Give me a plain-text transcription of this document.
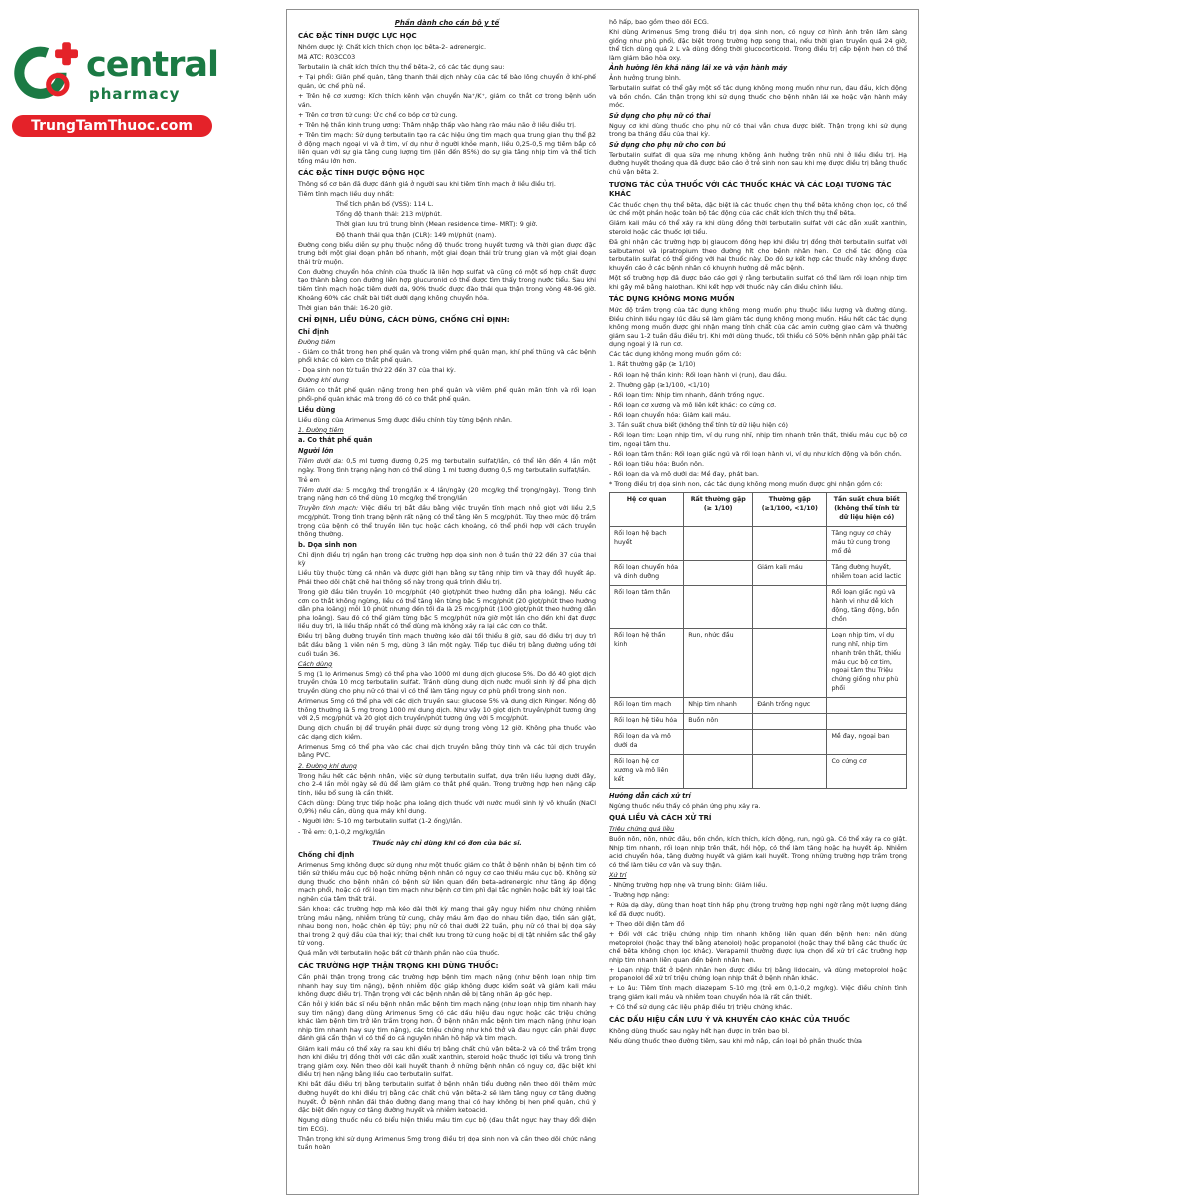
central
pharmacy
TrungTamThuoc.com
Phần dành cho cán bộ y tế
CÁC ĐẶC TÍNH DƯỢC LỰC HỌC
Nhóm dược lý: Chất kích thích chọn lọc bêta-2- adrenergic.
Mã ATC: R03CC03
Terbutalin là chất kích thích thụ thể bêta-2, có các tác dụng sau:
+ Tại phổi: Giãn phế quản, tăng thanh thải dịch nhày của các tế bào lông chuyển ở khí-phế quản, ức chế phù nề.
+ Trên hệ cơ xương: Kích thích kênh vận chuyển Na⁺/K⁺, giảm co thắt cơ trong bệnh uốn ván.
+ Trên cơ trơn tử cung: Ức chế co bóp cơ tử cung.
+ Trên hệ thần kinh trung ương: Thâm nhập thấp vào hàng rào máu não ở liều điều trị.
+ Trên tim mạch: Sử dụng terbutalin tạo ra các hiệu ứng tim mạch qua trung gian thụ thể β2 ở động mạch ngoại vi và ở tim, ví dụ như ở người khỏe mạnh, liều 0,25-0,5 mg tiêm bắp có liên quan với sự gia tăng cung lượng tim (lên đến 85%) do sự gia tăng nhịp tim và thể tích tổng máu lớn hơn.
CÁC ĐẶC TÍNH DƯỢC ĐỘNG HỌC
Thông số cơ bản đã được đánh giá ở người sau khi tiêm tĩnh mạch ở liều điều trị.
Tiêm tĩnh mạch liều duy nhất:
Thể tích phân bố (VSS): 114 L.
Tổng độ thanh thải: 213 ml/phút.
Thời gian lưu trú trung bình (Mean residence time- MRT): 9 giờ.
Độ thanh thải qua thận (CLR): 149 ml/phút (nam).
Đường cong biểu diễn sự phụ thuộc nồng độ thuốc trong huyết tương và thời gian được đặc trưng bởi một giai đoạn phân bố nhanh, một giai đoạn thải trừ trung gian và một giai đoạn thải trừ muộn.
Con đường chuyển hóa chính của thuốc là liên hợp sulfat và cũng có một số hợp chất được tạo thành bằng con đường liên hợp glucuronid có thể được tìm thấy trong nước tiểu. Sau khi tiêm tĩnh mạch hoặc tiêm dưới da, 90% thuốc được đào thải qua thận trong vòng 48-96 giờ. Khoảng 60% các chất bài tiết dưới dạng không chuyển hóa.
Thời gian bán thải: 16-20 giờ.
CHỈ ĐỊNH, LIỀU DÙNG, CÁCH DÙNG, CHỐNG CHỈ ĐỊNH:
Chỉ định
Đường tiêm
- Giảm co thắt trong hen phế quản và trong viêm phế quản mạn, khí phế thũng và các bệnh phổi khác có kèm co thắt phế quản.
- Dọa sinh non từ tuần thứ 22 đến 37 của thai kỳ.
Đường khí dung
Giảm co thắt phế quản nặng trong hen phế quản và viêm phế quản mãn tính và rối loạn phổi-phế quản khác mà trong đó có co thắt phế quản.
Liều dùng
Liều dùng của Arimenus 5mg được điều chỉnh tùy từng bệnh nhân.
1. Đường tiêm
a. Co thắt phế quản
Người lớn
Tiêm dưới da: 0,5 ml tương đương 0,25 mg terbutalin sulfat/lần, có thể lên đến 4 lần một ngày. Trong tình trạng nặng hơn có thể dùng 1 ml tương đương 0,5 mg terbutalin sulfat/lần.
Trẻ em
Tiêm dưới da: 5 mcg/kg thể trọng/lần x 4 lần/ngày (20 mcg/kg thể trọng/ngày). Trong tình trạng nặng hơn có thể dùng 10 mcg/kg thể trọng/lần
Truyền tĩnh mạch: Việc điều trị bắt đầu bằng việc truyền tĩnh mạch nhỏ giọt với liều 2,5 mcg/phút. Trong tình trạng bệnh rất nặng có thể tăng lên 5 mcg/phút. Tùy theo mức độ trầm trọng của bệnh có thể truyền liên tục hoặc cách khoảng, có thể phối hợp với cách truyền thông thường.
b. Dọa sinh non
Chỉ định điều trị ngắn hạn trong các trường hợp dọa sinh non ở tuần thứ 22 đến 37 của thai kỳ
Liều tùy thuộc từng cá nhân và được giới hạn bằng sự tăng nhịp tim và thay đổi huyết áp. Phải theo dõi chặt chẽ hai thông số này trong quá trình điều trị.
Trong giờ đầu tiên truyền 10 mcg/phút (40 giọt/phút theo hướng dẫn pha loãng). Nếu các cơn co thắt không ngừng, liều có thể tăng lên từng bậc 5 mcg/phút (20 giọt/phút theo hướng dẫn pha loãng) mỗi 10 phút nhưng đến tối đa là 25 mcg/phút (100 giọt/phút theo hướng dẫn pha loãng). Sau đó có thể giảm từng bậc 5 mcg/phút nửa giờ một lần cho đến khi đạt được liều duy trì, là liều thấp nhất có thể dùng mà không xảy ra lại các cơn co thắt.
Điều trị bằng đường truyền tĩnh mạch thường kéo dài tối thiểu 8 giờ, sau đó điều trị duy trì bắt đầu bằng 1 viên nén 5 mg, dùng 3 lần một ngày. Tiếp tục điều trị bằng đường uống tới cuối tuần 36.
Cách dùng
5 mg (1 lọ Arimenus 5mg) có thể pha vào 1000 ml dung dịch glucose 5%. Do đó 40 giọt dịch truyền chứa 10 mcg terbutalin sulfat. Tránh dùng dung dịch nước muối sinh lý để pha dịch truyền dùng cho phụ nữ có thai vì có thể làm tăng nguy cơ phù phổi trong sinh non.
Arimenus 5mg có thể pha với các dịch truyền sau: glucose 5% và dung dịch Ringer. Nồng độ thông thường là 5 mg trong 1000 ml dung dịch. Như vậy 10 giọt dịch truyền/phút tương ứng với 2,5 mcg/phút và 20 giọt dịch truyền/phút tương ứng với 5 mcg/phút.
Dung dịch chuẩn bị để truyền phải được sử dụng trong vòng 12 giờ. Không pha thuốc vào các dạng dịch kiềm.
Arimenus 5mg có thể pha vào các chai dịch truyền bằng thủy tinh và các túi dịch truyền bằng PVC.
2. Đường khí dung
Trong hầu hết các bệnh nhân, việc sử dụng terbutalin sulfat, dựa trên liều lượng dưới đây, cho 2-4 lần mỗi ngày sẽ đủ để làm giảm co thắt phế quản. Trong trường hợp hen nặng cấp tính, liều bổ sung là cần thiết.
Cách dùng: Dùng trực tiếp hoặc pha loãng dịch thuốc với nước muối sinh lý vô khuẩn (NaCl 0,9%) nếu cần, dùng qua máy khí dung.
- Người lớn: 5-10 mg terbutalin sulfat (1-2 ống)/lần.
- Trẻ em: 0,1-0,2 mg/kg/lần
Thuốc này chỉ dùng khi có đơn của bác sĩ.
Chống chỉ định
Arimenus 5mg không được sử dụng như một thuốc giảm co thắt ở bệnh nhân bị bệnh tim có tiền sử thiếu máu cục bộ hoặc những bệnh nhân có nguy cơ cao thiếu máu cục bộ. Không sử dụng thuốc cho bệnh nhân có bệnh sử liên quan đến beta-adrenergic như tăng áp động mạch phổi, hoặc có rối loạn tim mạch như bệnh cơ tim phì đại tắc nghẽn hoặc bất kỳ loại tắc nghẽn của tâm thất trái.
Sản khoa: các trường hợp mà kéo dài thời kỳ mang thai gây nguy hiểm như chứng nhiễm trùng máu nặng, nhiễm trùng tử cung, chảy máu âm đạo do nhau tiền đạo, tiền sản giật, nhau bong non, hoặc chèn ép tủy; phụ nữ có thai dưới 22 tuần, phụ nữ có thai bị dọa sảy thai trong 2 quý đầu của thai kỳ; thai chết lưu trong tử cung hoặc bị dị tật nhiễm sắc thể gây tử vong.
Quá mẫn với terbutalin hoặc bất cứ thành phần nào của thuốc.
CÁC TRƯỜNG HỢP THẬN TRỌNG KHI DÙNG THUỐC:
Cần phải thận trọng trong các trường hợp bệnh tim mạch nặng (như bệnh loạn nhịp tim nhanh hay suy tim nặng), bệnh nhiễm độc giáp không được kiểm soát và giảm kali máu không được điều trị. Thận trọng với các bệnh nhân dễ bị tăng nhãn áp góc hẹp.
Cần hỏi ý kiến bác sĩ nếu bệnh nhân mắc bệnh tim mạch nặng (như loạn nhịp tim nhanh hay suy tim nặng) đang dùng Arimenus 5mg có các dấu hiệu đau ngực hoặc các triệu chứng khác làm bệnh tim trở lên trầm trọng hơn. Ở bệnh nhân mắc bệnh tim mạch nặng (như loạn nhịp tim nhanh hay suy tim nặng), các triệu chứng như khó thở và đau ngực cần phải được đánh giá cẩn thận vì có thể do cả nguyên nhân hô hấp và tim mạch.
Giảm kali máu có thể xảy ra sau khi điều trị bằng chất chủ vận bêta-2 và có thể trầm trọng hơn khi điều trị đồng thời với các dẫn xuất xanthin, steroid hoặc thuốc lợi tiểu và trong tình trạng giảm oxy. Nên theo dõi kali huyết thanh ở những bệnh nhân có nguy cơ, đặc biệt khi điều trị hen nặng bằng liều cao terbutalin sulfat.
Khi bắt đầu điều trị bằng terbutalin sulfat ở bệnh nhân tiểu đường nên theo dõi thêm mức đường huyết do khi điều trị bằng các chất chủ vận bêta-2 sẽ làm tăng nguy cơ tăng đường huyết. Ở bệnh nhân đái tháo đường đang mang thai có hay không bị hen phế quản, chú ý đặc biệt đến nguy cơ tăng đường huyết và nhiễm ketoacid.
Ngưng dùng thuốc nếu có biểu hiện thiếu máu tim cục bộ (đau thắt ngực hay thay đổi điện tim ECG).
Thận trọng khi sử dụng Arimenus 5mg trong điều trị dọa sinh non và cần theo dõi chức năng tuần hoàn
hô hấp, bao gồm theo dõi ECG.
Khi dùng Arimenus 5mg trong điều trị dọa sinh non, có nguy cơ hình ảnh trên lâm sàng giống như phù phổi, đặc biệt trong trường hợp song thai, nếu thời gian truyền quá 24 giờ, thể tích dùng quá 2 L và dùng đồng thời glucocorticoid. Trong điều trị cấp bệnh hen có thể làm giảm bão hòa oxy.
Ảnh hưởng lên khả năng lái xe và vận hành máy
Ảnh hưởng trung bình.
Terbutalin sulfat có thể gây một số tác dụng không mong muốn như run, đau đầu, kích động và bồn chồn. Cần thận trọng khi sử dụng thuốc cho bệnh nhân lái xe hoặc vận hành máy móc.
Sử dụng cho phụ nữ có thai
Nguy cơ khi dùng thuốc cho phụ nữ có thai vẫn chưa được biết. Thận trọng khi sử dụng trong ba tháng đầu của thai kỳ.
Sử dụng cho phụ nữ cho con bú
Terbutalin sulfat đi qua sữa mẹ nhưng không ảnh hưởng trên nhũ nhi ở liều điều trị. Hạ đường huyết thoáng qua đã được báo cáo ở trẻ sinh non sau khi mẹ được điều trị bằng thuốc chủ vận bêta 2.
TƯƠNG TÁC CỦA THUỐC VỚI CÁC THUỐC KHÁC VÀ CÁC LOẠI TƯƠNG TÁC KHÁC
Các thuốc chẹn thụ thể bêta, đặc biệt là các thuốc chẹn thụ thể bêta không chọn lọc, có thể ức chế một phần hoặc toàn bộ tác động của các chất kích thích thụ thể bêta.
Giảm kali máu có thể xảy ra khi dùng đồng thời terbutalin sulfat với các dẫn xuất xanthin, steroid hoặc các thuốc lợi tiểu.
Đã ghi nhận các trường hợp bị glaucom đóng hẹp khi điều trị đồng thời terbutalin sulfat với salbutamol và ipratropium theo đường hít cho bệnh nhân hen. Cơ chế tác động của terbutalin sulfat có thể giống với hai thuốc này. Do đó sự kết hợp các thuốc này không được khuyến cáo ở các bệnh nhân có khuynh hướng dễ mắc bệnh.
Một số trường hợp đã được báo cáo gợi ý rằng terbutalin sulfat có thể làm rối loạn nhịp tim khi gây mê bằng halothan. Khi kết hợp với thuốc này cần điều chỉnh liều.
TÁC DỤNG KHÔNG MONG MUỐN
Mức độ trầm trọng của tác dụng không mong muốn phụ thuộc liều lượng và đường dùng. Điều chỉnh liều ngay lúc đầu sẽ làm giảm tác dụng không mong muốn. Hầu hết các tác dụng không mong muốn được ghi nhận mang tính chất của các amin cường giao cảm và thường giảm sau 1-2 tuần đầu điều trị. Khi mới dùng thuốc, tối thiểu có 50% bệnh nhân gặp phải tác dụng ngoại ý là run cơ.
Các tác dụng không mong muốn gồm có:
1. Rất thường gặp (≥ 1/10)
- Rối loạn hệ thần kinh: Rối loạn hành vi (run), đau đầu.
2. Thường gặp (≥1/100, <1/10)
- Rối loạn tim: Nhịp tim nhanh, đánh trống ngực.
- Rối loạn cơ xương và mô liên kết khác: co cứng cơ.
- Rối loạn chuyển hóa: Giảm kali máu.
3. Tần suất chưa biết (không thể tính từ dữ liệu hiện có)
- Rối loạn tim: Loạn nhịp tim, ví dụ rung nhĩ, nhịp tim nhanh trên thất, thiếu máu cục bộ cơ tim, ngoại tâm thu.
- Rối loạn tâm thần: Rối loạn giấc ngủ và rối loạn hành vi, ví dụ như kích động và bồn chồn.
- Rối loạn tiêu hóa: Buồn nôn.
- Rối loạn da và mô dưới da: Mề đay, phát ban.
* Trong điều trị dọa sinh non, các tác dụng không mong muốn được ghi nhận gồm có:
Hệ cơ quan	Rất thường gặp (≥ 1/10)	Thường gặp (≥1/100, <1/10)	Tần suất chưa biết (không thể tính từ dữ liệu hiện có)
Rối loạn hệ bạch huyết			Tăng nguy cơ chảy máu tử cung trong mổ đẻ
Rối loạn chuyển hóa và dinh dưỡng		Giảm kali máu	Tăng đường huyết, nhiễm toan acid lactic
Rối loạn tâm thần			Rối loạn giấc ngủ và hành vi như dễ kích động, tăng động, bồn chồn
Rối loạn hệ thần kinh	Run, nhức đầu		Loạn nhịp tim, ví dụ rung nhĩ, nhịp tim nhanh trên thất, thiếu máu cục bộ cơ tim, ngoại tâm thu Triệu chứng giống như phù phổi
Rối loạn tim mạch	Nhịp tim nhanh	Đánh trống ngực	
Rối loạn hệ tiêu hóa	Buồn nôn		
Rối loạn da và mô dưới da			Mề đay, ngoại ban
Rối loạn hệ cơ xương và mô liên kết			Co cứng cơ
Hướng dẫn cách xử trí
Ngừng thuốc nếu thấy có phản ứng phụ xảy ra.
QUÁ LIỀU VÀ CÁCH XỬ TRÍ
Triệu chứng quá liều
Buồn nôn, nôn, nhức đầu, bồn chồn, kích thích, kích động, run, ngủ gà. Có thể xảy ra co giật. Nhịp tim nhanh, rối loạn nhịp trên thất, hồi hộp, có thể làm tăng hoặc hạ huyết áp. Nhiễm acid chuyển hóa, tăng đường huyết và giảm kali huyết. Trong những trường hợp trầm trọng có thể làm tiêu cơ vân và suy thận.
Xử trí
- Những trường hợp nhẹ và trung bình: Giảm liều.
- Trường hợp nặng:
+ Rửa dạ dày, dùng than hoạt tính hấp phụ (trong trường hợp nghi ngờ rằng một lượng đáng kể đã được nuốt).
+ Theo dõi điện tâm đồ
+ Đối với các triệu chứng nhịp tim nhanh không liên quan đến bệnh hen: nên dùng metoprolol (hoặc thay thế bằng atenolol) hoặc propanolol (hoặc thay thế bằng các thuốc ức chế bêta không chọn lọc khác). Verapamil thường được lựa chọn để xử trí các trường hợp nhịp tim nhanh liên quan đến bệnh nhân hen.
+ Loạn nhịp thất ở bệnh nhân hen được điều trị bằng lidocain, và dùng metoprolol hoặc propanolol để xử trí triệu chứng loạn nhịp thất ở bệnh nhân khác.
+ Lo âu: Tiêm tĩnh mạch diazepam 5-10 mg (trẻ em 0,1-0,2 mg/kg). Việc điều chỉnh tình trạng giảm kali máu và nhiễm toan chuyển hóa là rất cần thiết.
+ Có thể sử dụng các liệu pháp điều trị triệu chứng khác.
CÁC DẤU HIỆU CẦN LƯU Ý VÀ KHUYẾN CÁO KHÁC CỦA THUỐC
Không dùng thuốc sau ngày hết hạn được in trên bao bì.
Nếu dùng thuốc theo đường tiêm, sau khi mở nắp, cần loại bỏ phần thuốc thừa
